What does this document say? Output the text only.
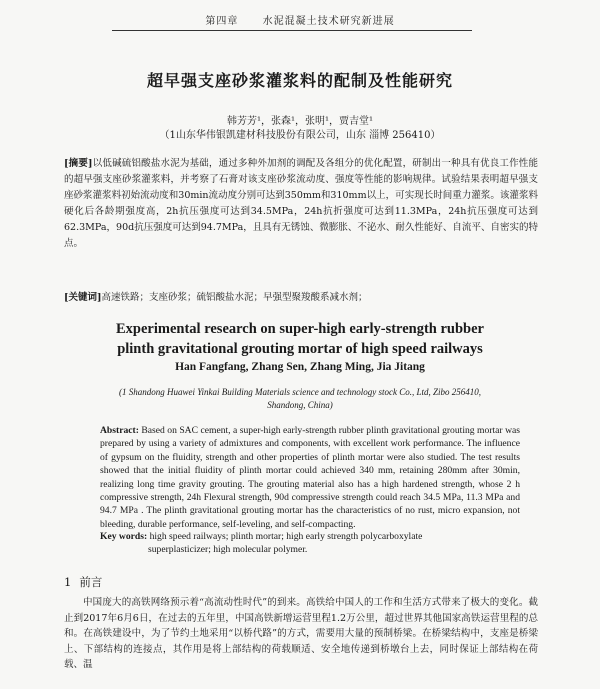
第四章 水泥混凝土技术研究新进展
超早强支座砂浆灌浆料的配制及性能研究
韩芳芳¹，张森¹，张明¹，贾吉堂¹
（1山东华伟银凯建材科技股份有限公司，山东 淄博 256410）
[摘要]以低碱硫铝酸盐水泥为基础，通过多种外加剂的调配及各组分的优化配置，研制出一种具有优良工作性能的超早强支座砂浆灌浆料，并考察了石膏对该支座砂浆流动度、强度等性能的影响规律。试验结果表明超早强支座砂浆灌浆料初始流动度和30min流动度分别可达到350mm和310mm以上，可实现长时间重力灌浆。该灌浆料硬化后各龄期强度高，2h抗压强度可达到34.5MPa，24h抗折强度可达到11.3MPa，24h抗压强度可达到62.3MPa，90d抗压强度可达到94.7MPa，且具有无锈蚀、微膨胀、不泌水、耐久性能好、自流平、自密实的特点。
[关键词]高速铁路；支座砂浆；硫铝酸盐水泥；早强型聚羧酸系减水剂；
Experimental research on super-high early-strength rubber
plinth gravitational grouting mortar of high speed railways
Han Fangfang, Zhang Sen, Zhang Ming, Jia Jitang
(1 Shandong Huawei Yinkai Building Materials science and technology stock Co., Ltd, Zibo 256410,
Shandong, China)
Abstract: Based on SAC cement, a super-high early-strength rubber plinth gravitational grouting mortar was prepared by using a variety of admixtures and components, with excellent work performance. The influence of gypsum on the fluidity, strength and other properties of plinth mortar were also studied. The test results showed that the initial fluidity of plinth mortar could achieved 340 mm, retaining 280mm after 30min, realizing long time gravity grouting. The grouting material also has a high hardened strength, whose 2 h compressive strength, 24h Flexural strength, 90d compressive strength could reach 34.5 MPa, 11.3 MPa and 94.7 MPa . The plinth gravitational grouting mortar has the characteristics of no rust, micro expansion, not bleeding, durable performance, self-leveling, and self-compacting.
Key words: high speed railways; plinth mortar; high early strength polycarboxylate
superplasticizer; high molecular polymer.
1 前言
中国庞大的高铁网络预示着“高流动性时代”的到来。高铁给中国人的工作和生活方式带来了极大的变化。截止到2017年6月6日，在过去的五年里，中国高铁新增运营里程1.2万公里，超过世界其他国家高铁运营里程的总和。在高铁建设中，为了节约土地采用“以桥代路”的方式，需要用大量的预制桥梁。在桥梁结构中，支座是桥梁上、下部结构的连接点，其作用是将上部结构的荷载顺适、安全地传递到桥墩台上去，同时保证上部结构在荷载、温
